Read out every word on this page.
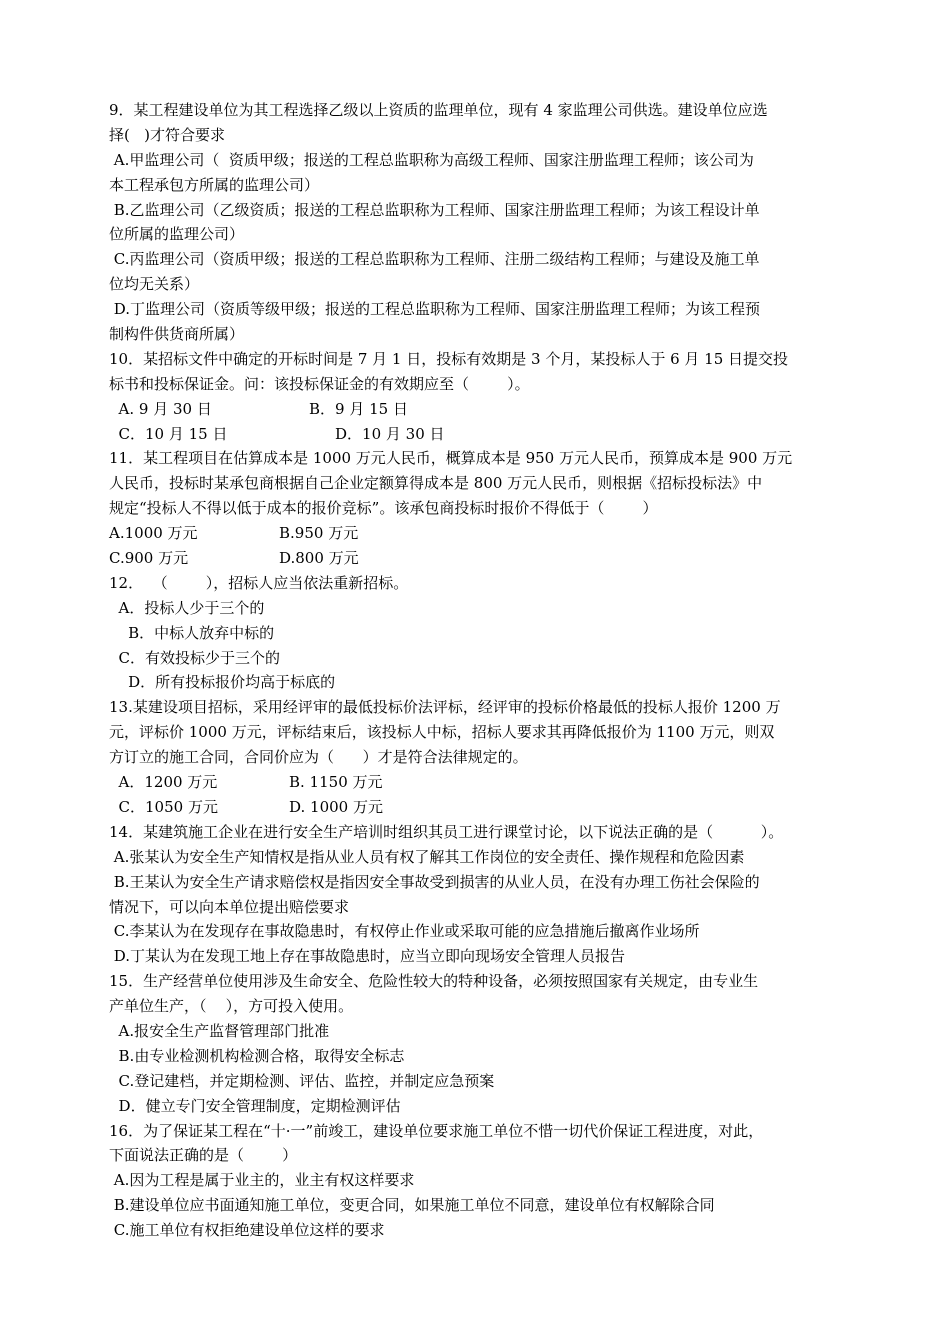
9．某工程建设单位为其工程选择乙级以上资质的监理单位，现有 4 家监理公司供选。建设单位应选
择(   )才符合要求
A.甲监理公司（  资质甲级；报送的工程总监职称为高级工程师、国家注册监理工程师；该公司为
本工程承包方所属的监理公司）
B.乙监理公司（乙级资质；报送的工程总监职称为工程师、国家注册监理工程师；为该工程设计单
位所属的监理公司）
C.丙监理公司（资质甲级；报送的工程总监职称为工程师、注册二级结构工程师；与建设及施工单
位均无关系）
D.丁监理公司（资质等级甲级；报送的工程总监职称为工程师、国家注册监理工程师；为该工程预
制构件供货商所属）
10．某招标文件中确定的开标时间是 7 月 1 日，投标有效期是 3 个月，某投标人于 6 月 15 日提交投
标书和投标保证金。问：该投标保证金的有效期应至（        ）。
A. 9 月 30 日	B．9 月 15 日
C．10 月 15 日	D．10 月 30 日
11．某工程项目在估算成本是 1000 万元人民币，概算成本是 950 万元人民币，预算成本是 900 万元
人民币，投标时某承包商根据自己企业定额算得成本是 800 万元人民币，则根据《招标投标法》中
规定“投标人不得以低于成本的报价竞标”。该承包商投标时报价不得低于（        ）
A.1000 万元	B.950 万元
C.900 万元	D.800 万元
12．  （        ），招标人应当依法重新招标。
A．投标人少于三个的
B．中标人放弃中标的
C．有效投标少于三个的
D．所有投标报价均高于标底的
13.某建设项目招标，采用经评审的最低投标价法评标，经评审的投标价格最低的投标人报价 1200 万
元，评标价 1000 万元，评标结束后，该投标人中标，招标人要求其再降低报价为 1100 万元，则双
方订立的施工合同，合同价应为（      ）才是符合法律规定的。
A．1200 万元	B. 1150 万元
C．1050 万元	D. 1000 万元
14．某建筑施工企业在进行安全生产培训时组织其员工进行课堂讨论，以下说法正确的是（          ）。
A.张某认为安全生产知情权是指从业人员有权了解其工作岗位的安全责任、操作规程和危险因素
B.王某认为安全生产请求赔偿权是指因安全事故受到损害的从业人员，在没有办理工伤社会保险的
情况下，可以向本单位提出赔偿要求
C.李某认为在发现存在事故隐患时，有权停止作业或采取可能的应急措施后撤离作业场所
D.丁某认为在发现工地上存在事故隐患时，应当立即向现场安全管理人员报告
15．生产经营单位使用涉及生命安全、危险性较大的特种设备，必须按照国家有关规定，由专业生
产单位生产，（    ），方可投入使用。
A.报安全生产监督管理部门批准
B.由专业检测机构检测合格，取得安全标志
C.登记建档，并定期检测、评估、监控，并制定应急预案
D．健立专门安全管理制度，定期检测评估
16．为了保证某工程在“十·一”前竣工，建设单位要求施工单位不惜一切代价保证工程进度，对此，
下面说法正确的是（        ）
A.因为工程是属于业主的，业主有权这样要求
B.建设单位应书面通知施工单位，变更合同，如果施工单位不同意，建设单位有权解除合同
C.施工单位有权拒绝建设单位这样的要求
